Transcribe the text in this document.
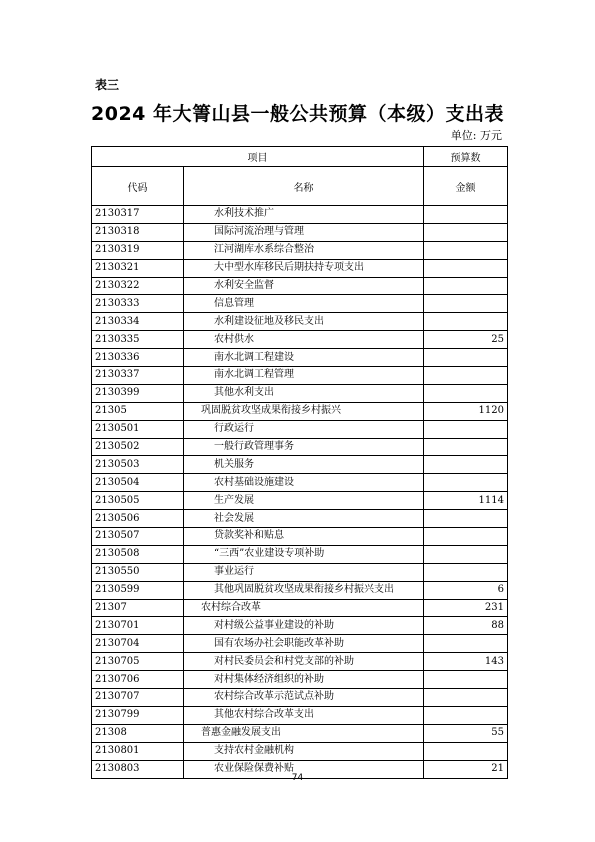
表三
2024 年大箐山县一般公共预算（本级）支出表
单位: 万元
项目		预算数
代码	名称	金额
2130317	水利技术推广	
2130318	国际河流治理与管理	
2130319	江河湖库水系综合整治	
2130321	大中型水库移民后期扶持专项支出	
2130322	水利安全监督	
2130333	信息管理	
2130334	水利建设征地及移民支出	
2130335	农村供水	25
2130336	南水北调工程建设	
2130337	南水北调工程管理	
2130399	其他水利支出	
21305	巩固脱贫攻坚成果衔接乡村振兴	1120
2130501	行政运行	
2130502	一般行政管理事务	
2130503	机关服务	
2130504	农村基础设施建设	
2130505	生产发展	1114
2130506	社会发展	
2130507	贷款奖补和贴息	
2130508	“三西”农业建设专项补助	
2130550	事业运行	
2130599	其他巩固脱贫攻坚成果衔接乡村振兴支出	6
21307	农村综合改革	231
2130701	对村级公益事业建设的补助	88
2130704	国有农场办社会职能改革补助	
2130705	对村民委员会和村党支部的补助	143
2130706	对村集体经济组织的补助	
2130707	农村综合改革示范试点补助	
2130799	其他农村综合改革支出	
21308	普惠金融发展支出	55
2130801	支持农村金融机构	
2130803	农业保险保费补贴	21
74
